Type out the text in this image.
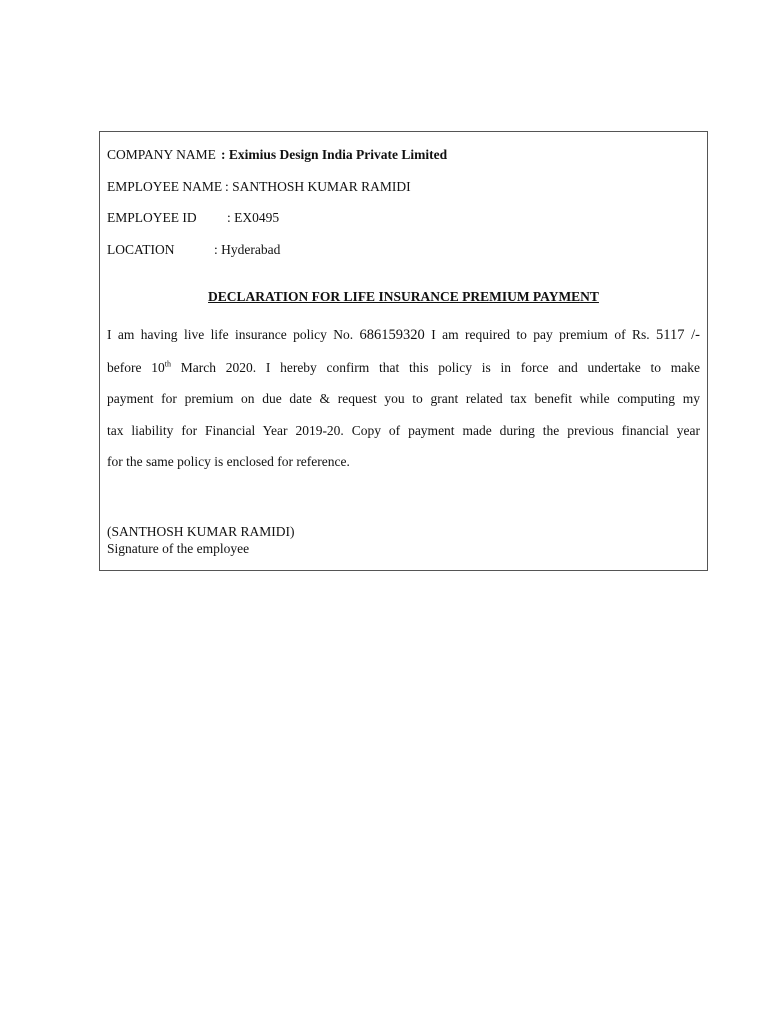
COMPANY NAME : Eximius Design India Private Limited
EMPLOYEE NAME : SANTHOSH KUMAR RAMIDI
EMPLOYEE ID : EX0495
LOCATION	: Hyderabad
DECLARATION FOR LIFE INSURANCE PREMIUM PAYMENT
I am having live life insurance policy No. 686159320 I am required to pay premium of Rs. 5117 /-
before 10th March 2020. I hereby confirm that this policy is in force and undertake to make
payment for premium on due date & request you to grant related tax benefit while computing my
tax liability for Financial Year 2019-20. Copy of payment made during the previous financial year
for the same policy is enclosed for reference.
(SANTHOSH KUMAR RAMIDI)
Signature of the employee
